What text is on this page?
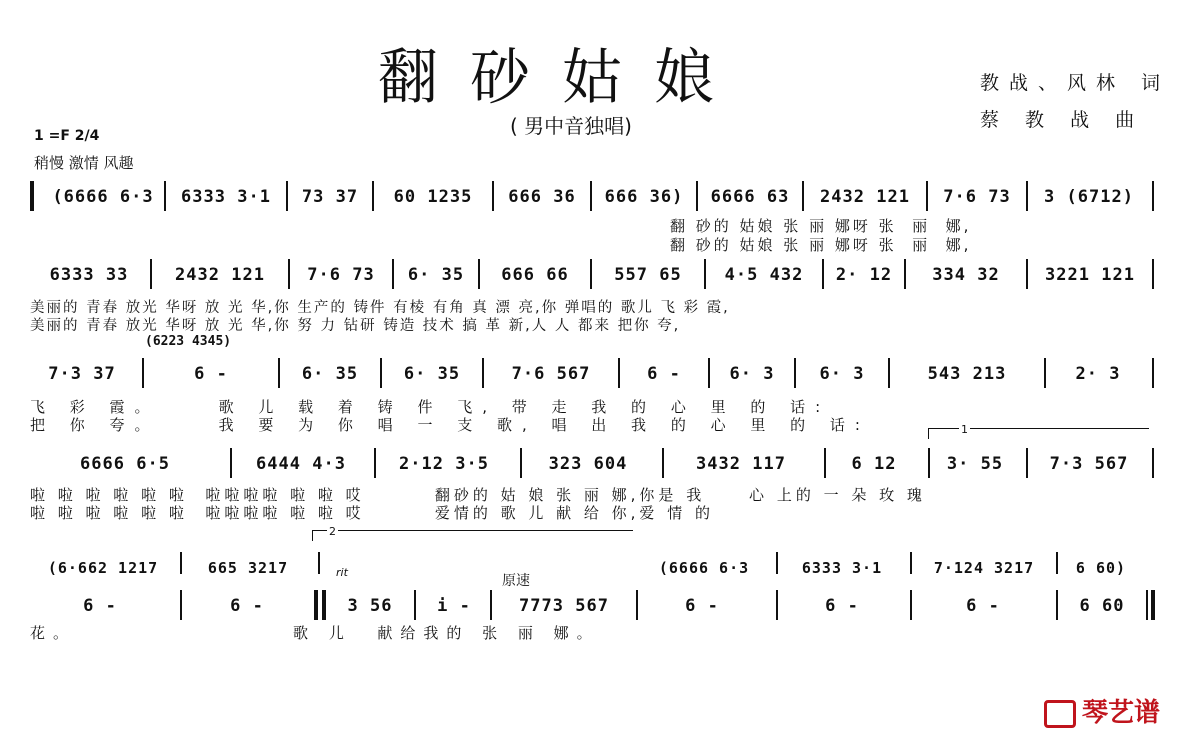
翻砂姑娘
( 男中音独唱)
教战、风林 词
蔡 教 战 曲
1 =F 2/4
稍慢 激情 风趣
(6666 6·3	6333 3·1	73 37	60 1235	666 36	666 36)	6666 63	2432 121	7·6 73	3 (6712)
翻 砂的 姑娘 张 丽 娜呀 张  丽  娜,
翻 砂的 姑娘 张 丽 娜呀 张  丽  娜,
6333 33	2432 121	7·6 73	6· 35	666 66	557 65	4·5 432	2· 12	334 32	3221 121
美丽的 青春 放光 华呀 放 光 华,你 生产的 铸件 有棱 有角 真 漂 亮,你 弹唱的 歌儿 飞 彩 霞,
美丽的 青春 放光 华呀 放 光 华,你 努 力 钻研 铸造 技术 搞 革 新,人 人 都来 把你 夸,
(6223 4345)
7·3 37	6 -	6· 35	6· 35	7·6 567	6 -	6· 3	6· 3	543 213	2· 3
飞 彩 霞。    歌 儿 载 着 铸 件 飞, 带 走 我 的 心 里 的 话:
把 你 夸。    我 要 为 你 唱 一 支 歌, 唱 出 我 的 心 里 的 话:	1
6666 6·5	6444 4·3	2·12 3·5	323 604	3432 117	6 12	3· 55	7·3 567
啦 啦 啦 啦 啦 啦  啦啦啦啦 啦 啦 哎        翻砂的 姑 娘 张 丽 娜,你是 我     心 上的 一 朵 玫 瑰
啦 啦 啦 啦 啦 啦  啦啦啦啦 啦 啦 哎        爱情的 歌 儿 献 给 你,爱 情 的
2
(6·662 1217	665 3217	(6666 6·3	6333 3·1	7·124 3217	6 60)
rit
原速
6 -	6 -	3 56	i -	7773 567	6 -	6 -	6 -	6 60
花。                 歌 儿  献给我的 张 丽 娜。
琴艺谱
